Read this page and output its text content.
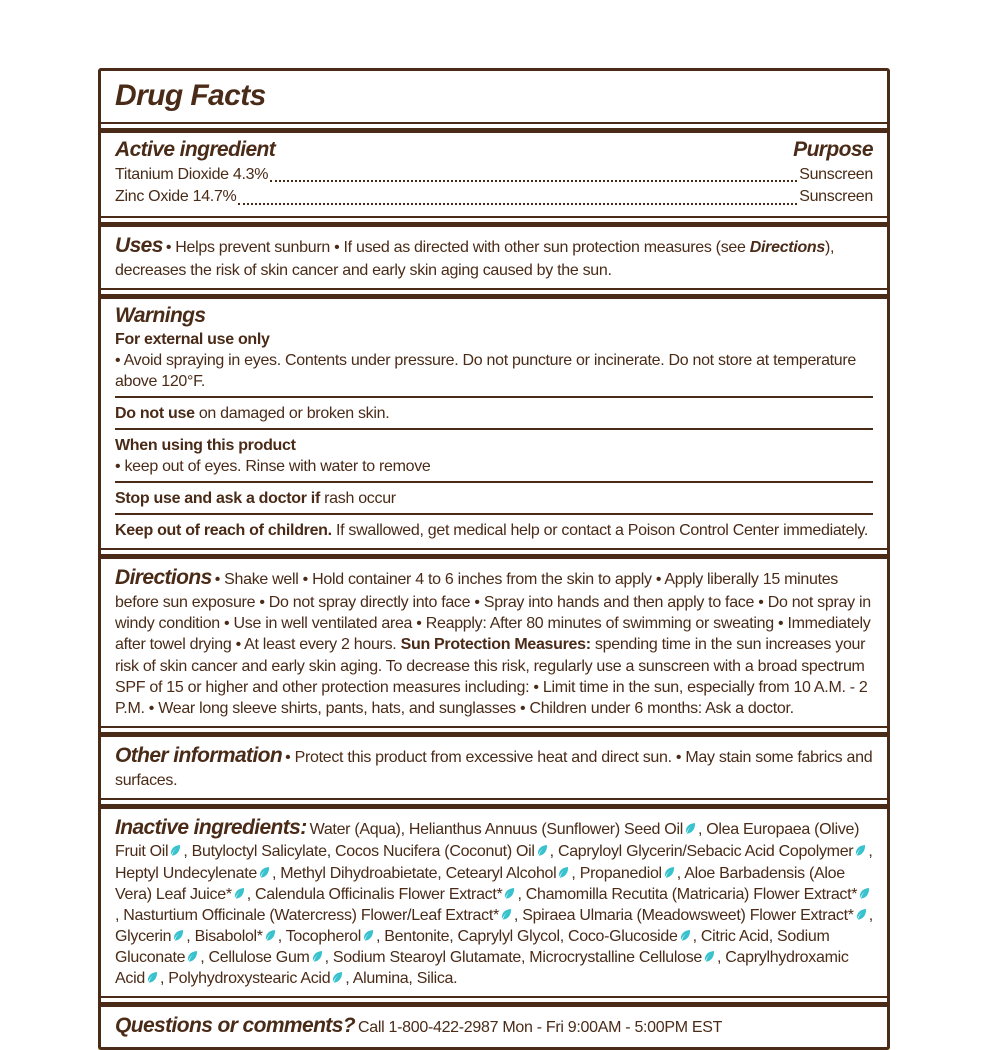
Drug Facts
Active ingredient	Purpose
Titanium Dioxide 4.3%	Sunscreen
Zinc Oxide 14.7%	Sunscreen

Uses • Helps prevent sunburn • If used as directed with other sun protection measures (see Directions), decreases the risk of skin cancer and early skin aging caused by the sun.

Warnings
For external use only
• Avoid spraying in eyes. Contents under pressure. Do not puncture or incinerate. Do not store at temperature above 120°F.
Do not use on damaged or broken skin.
When using this product
• keep out of eyes. Rinse with water to remove
Stop use and ask a doctor if rash occur
Keep out of reach of children. If swallowed, get medical help or contact a Poison Control Center immediately.

Directions • Shake well • Hold container 4 to 6 inches from the skin to apply • Apply liberally 15 minutes before sun exposure • Do not spray directly into face • Spray into hands and then apply to face • Do not spray in windy condition • Use in well ventilated area • Reapply: After 80 minutes of swimming or sweating • Immediately after towel drying • At least every 2 hours. Sun Protection Measures: spending time in the sun increases your risk of skin cancer and early skin aging. To decrease this risk, regularly use a sunscreen with a broad spectrum SPF of 15 or higher and other protection measures including: • Limit time in the sun, especially from 10 A.M. - 2 P.M. • Wear long sleeve shirts, pants, hats, and sunglasses • Children under 6 months: Ask a doctor.

Other information • Protect this product from excessive heat and direct sun. • May stain some fabrics and surfaces.

Inactive ingredients: Water (Aqua), Helianthus Annuus (Sunflower) Seed Oil , Olea Europaea (Olive) Fruit Oil , Butyloctyl Salicylate, Cocos Nucifera (Coconut) Oil , Capryloyl Glycerin/Sebacic Acid Copolymer , Heptyl Undecylenate , Methyl Dihydroabietate, Cetearyl Alcohol , Propanediol , Aloe Barbadensis (Aloe Vera) Leaf Juice* , Calendula Officinalis Flower Extract* , Chamomilla Recutita (Matricaria) Flower Extract*, Nasturtium Officinale (Watercress) Flower/Leaf Extract* , Spiraea Ulmaria (Meadowsweet) Flower Extract* , Glycerin , Bisabolol* , Tocopherol , Bentonite, Caprylyl Glycol, Coco-Glucoside , Citric Acid, Sodium Gluconate , Cellulose Gum , Sodium Stearoyl Glutamate, Microcrystalline Cellulose , Caprylhydroxamic Acid , Polyhydroxystearic Acid , Alumina, Silica.

Questions or comments? Call 1-800-422-2987 Mon - Fri 9:00AM - 5:00PM EST
